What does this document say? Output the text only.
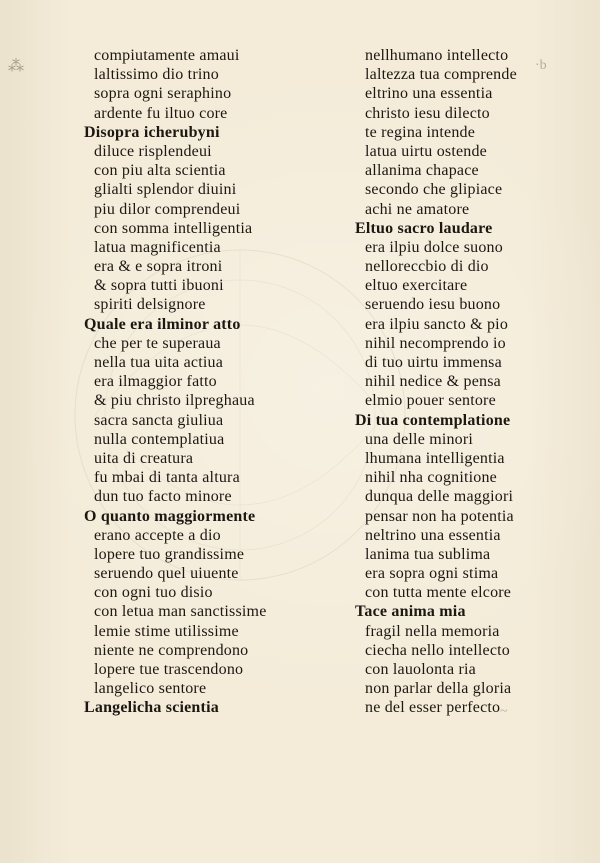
⁂	·b
~
compiutamente amaui
laltissimo dio trino
sopra ogni seraphino
ardente fu iltuo core
Disopra icherubyni
diluce risplendeui
con piu alta scientia
glialti splendor diuini
piu dilor comprendeui
con somma intelligentia
latua magnificentia
era & e sopra itroni
& sopra tutti ibuoni
spiriti delsignore
Quale era ilminor atto
che per te superaua
nella tua uita actiua
era ilmaggior fatto
& piu christo ilpreghaua
sacra sancta giuliua
nulla contemplatiua
uita di creatura
fu mbai di tanta altura
dun tuo facto minore
O quanto maggiormente
erano accepte a dio
lopere tuo grandissime
seruendo quel uiuente
con ogni tuo disio
con letua man sanctissime
lemie stime utilissime
niente ne comprendono
lopere tue trascendono
langelico sentore
Langelicha scientia
nellhumano intellecto
laltezza tua comprende
eltrino una essentia
christo iesu dilecto
te regina intende
latua uirtu ostende
allanima chapace
secondo che glipiace
achi ne amatore
Eltuo sacro laudare
era ilpiu dolce suono
nelloreccbio di dio
eltuo exercitare
seruendo iesu buono
era ilpiu sancto & pio
nihil necomprendo io
di tuo uirtu immensa
nihil nedice & pensa
elmio pouer sentore
Di tua contemplatione
una delle minori
lhumana intelligentia
nihil nha cognitione
dunqua delle maggiori
pensar non ha potentia
neltrino una essentia
lanima tua sublima
era sopra ogni stima
con tutta mente elcore
Tace anima mia
fragil nella memoria
ciecha nello intellecto
con lauolonta ria
non parlar della gloria
ne del esser perfecto
